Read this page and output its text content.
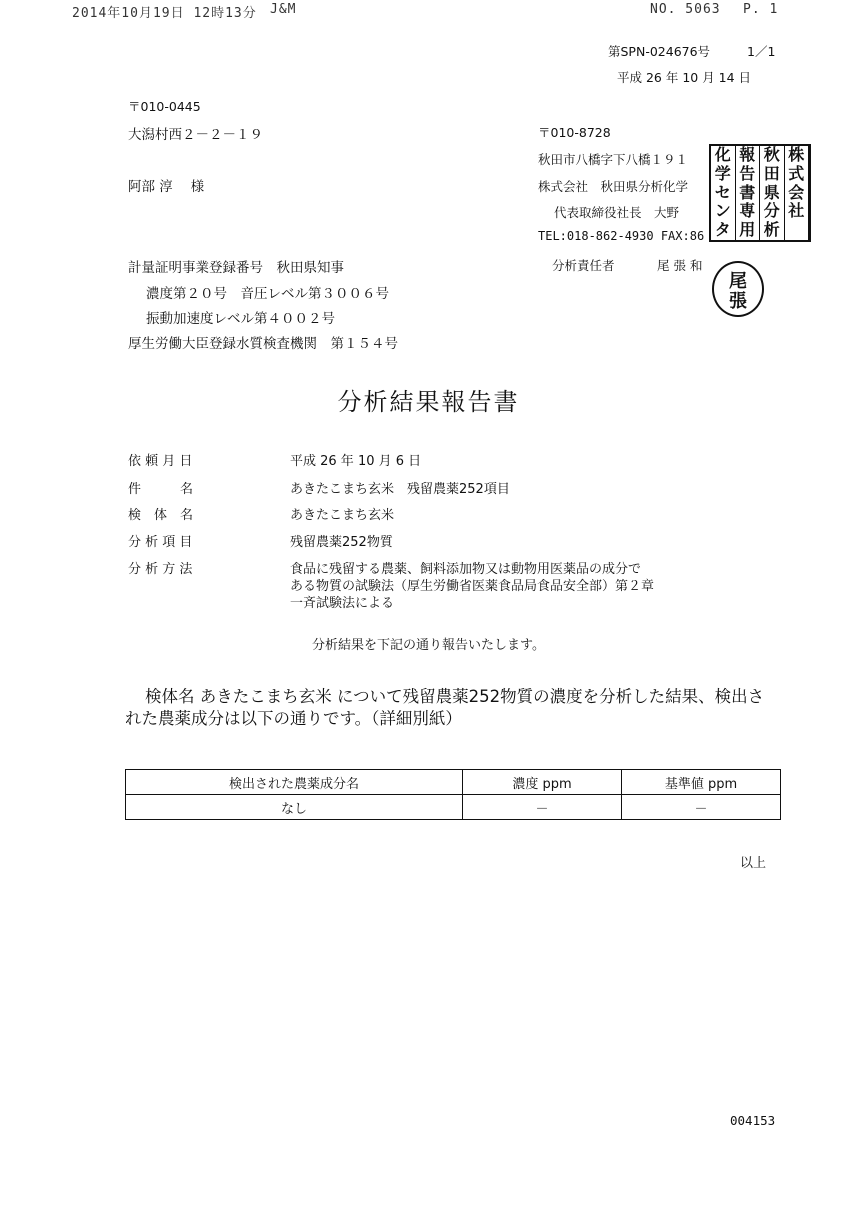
2014年10月19日 12時13分 J&M	NO. 5063 P. 1
第SPN-024676号	1／1
平成 26 年 10 月 14 日
〒010-0445
大潟村西２－２－１９
阿部 淳　 様
〒010-8728
秋田市八橋字下八橋１９１
株式会社　秋田県分析化学
代表取締役社長　大野
TEL:018-862-4930 FAX:86
分析責任者	尾 張 和
化 報 秋 株
学 告 田 式
セ 書 県 会
ン 専 分 社
タ 用 析
尾
張
計量証明事業登録番号　秋田県知事
濃度第２０号　音圧レベル第３００６号
振動加速度レベル第４００２号
厚生労働大臣登録水質検査機関　第１５４号
分析結果報告書
依 頼 月 日	平成 26 年 10 月 6 日
件　　　名	あきたこまち玄米　残留農薬252項目
検　体　名	あきたこまち玄米
分 析 項 目	残留農薬252物質
分 析 方 法	食品に残留する農薬、飼料添加物又は動物用医薬品の成分で
ある物質の試験法（厚生労働省医薬食品局食品安全部）第２章
一斉試験法による
分析結果を下記の通り報告いたします。
検体名 あきたこまち玄米 について残留農薬252物質の濃度を分析した結果、検出された農薬成分は以下の通りです。（詳細別紙）
検出された農薬成分名	濃度 ppm	基準値 ppm
なし	－	－
以上
004153
